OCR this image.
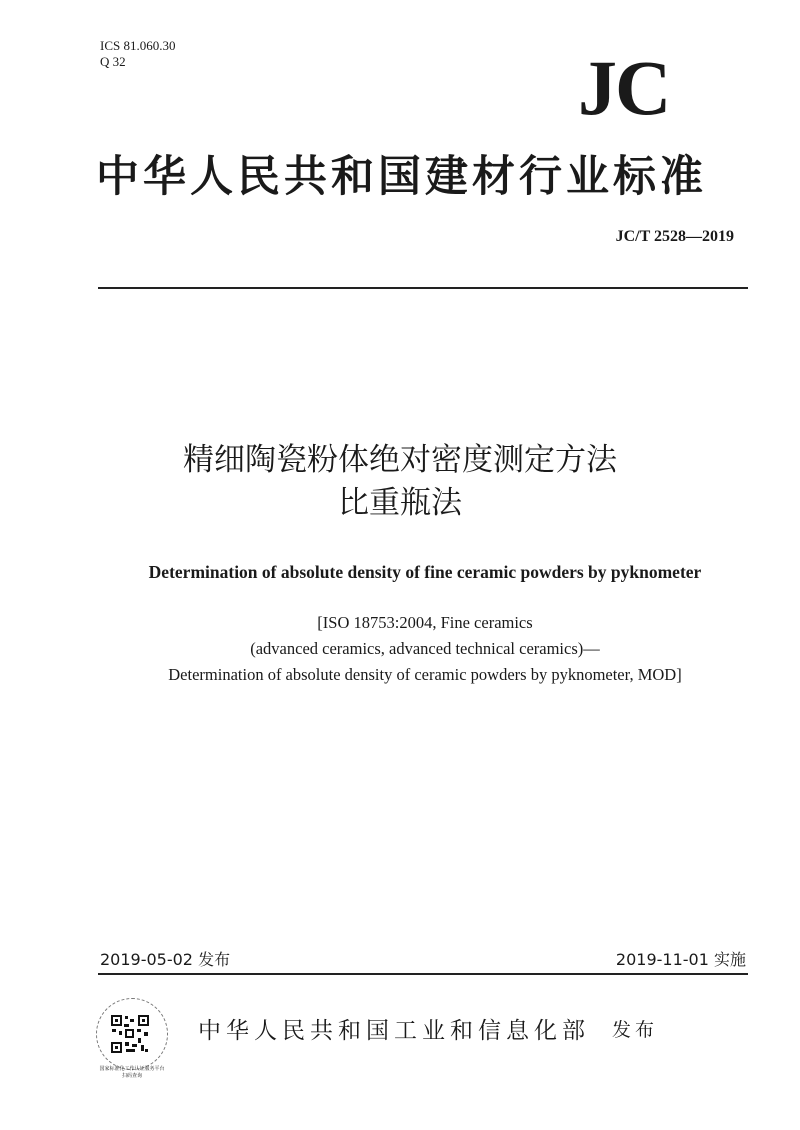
ICS 81.060.30
Q 32	JC
中华人民共和国建材行业标准
JC/T 2528—2019
精细陶瓷粉体绝对密度测定方法
比重瓶法
Determination of absolute density of fine ceramic powders by pyknometer
[ISO 18753:2004, Fine ceramics
(advanced ceramics, advanced technical ceramics)—
Determination of absolute density of ceramic powders by pyknometer, MOD]
2019-05-02 发布	2019-11-01 实施
国家标准化工作认证服务平台
扫码查询
中华人民共和国工业和信息化部 发布
